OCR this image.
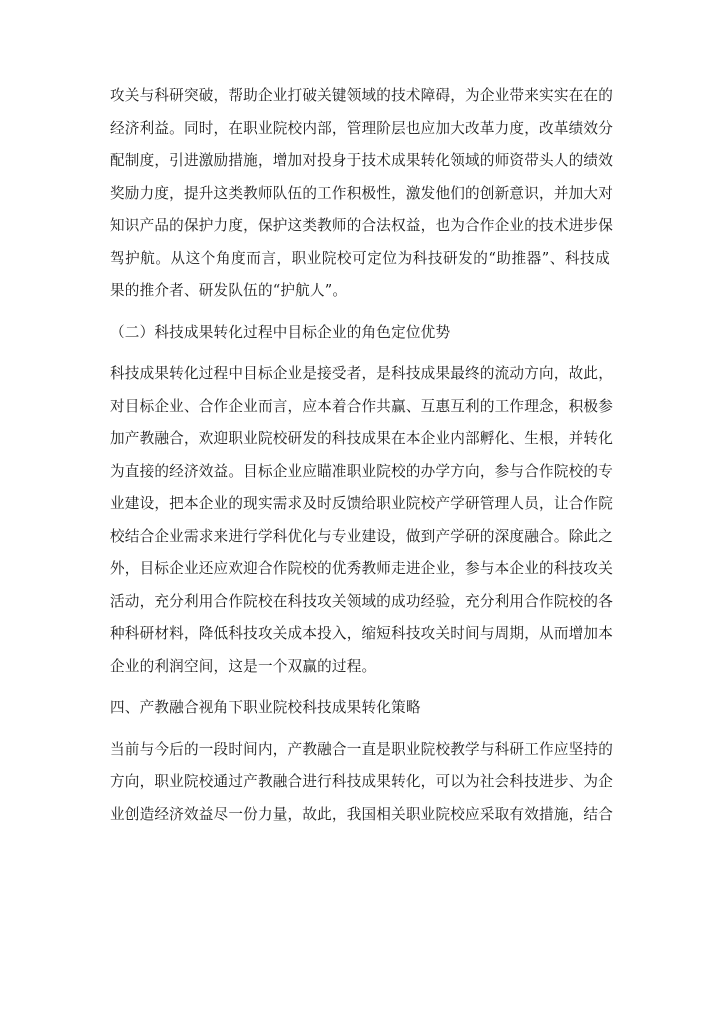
攻关与科研突破，帮助企业打破关键领域的技术障碍，为企业带来实实在在的
经济利益。同时，在职业院校内部，管理阶层也应加大改革力度，改革绩效分
配制度，引进激励措施，增加对投身于技术成果转化领域的师资带头人的绩效
奖励力度，提升这类教师队伍的工作积极性，激发他们的创新意识，并加大对
知识产品的保护力度，保护这类教师的合法权益，也为合作企业的技术进步保
驾护航。从这个角度而言，职业院校可定位为科技研发的“助推器”、科技成
果的推介者、研发队伍的“护航人”。

（二）科技成果转化过程中目标企业的角色定位优势

科技成果转化过程中目标企业是接受者，是科技成果最终的流动方向，故此，
对目标企业、合作企业而言，应本着合作共赢、互惠互利的工作理念，积极参
加产教融合，欢迎职业院校研发的科技成果在本企业内部孵化、生根，并转化
为直接的经济效益。目标企业应瞄准职业院校的办学方向，参与合作院校的专
业建设，把本企业的现实需求及时反馈给职业院校产学研管理人员，让合作院
校结合企业需求来进行学科优化与专业建设，做到产学研的深度融合。除此之
外，目标企业还应欢迎合作院校的优秀教师走进企业，参与本企业的科技攻关
活动，充分利用合作院校在科技攻关领域的成功经验，充分利用合作院校的各
种科研材料，降低科技攻关成本投入，缩短科技攻关时间与周期，从而增加本
企业的利润空间，这是一个双赢的过程。

四、产教融合视角下职业院校科技成果转化策略

当前与今后的一段时间内，产教融合一直是职业院校教学与科研工作应坚持的
方向，职业院校通过产教融合进行科技成果转化，可以为社会科技进步、为企
业创造经济效益尽一份力量，故此，我国相关职业院校应采取有效措施，结合
